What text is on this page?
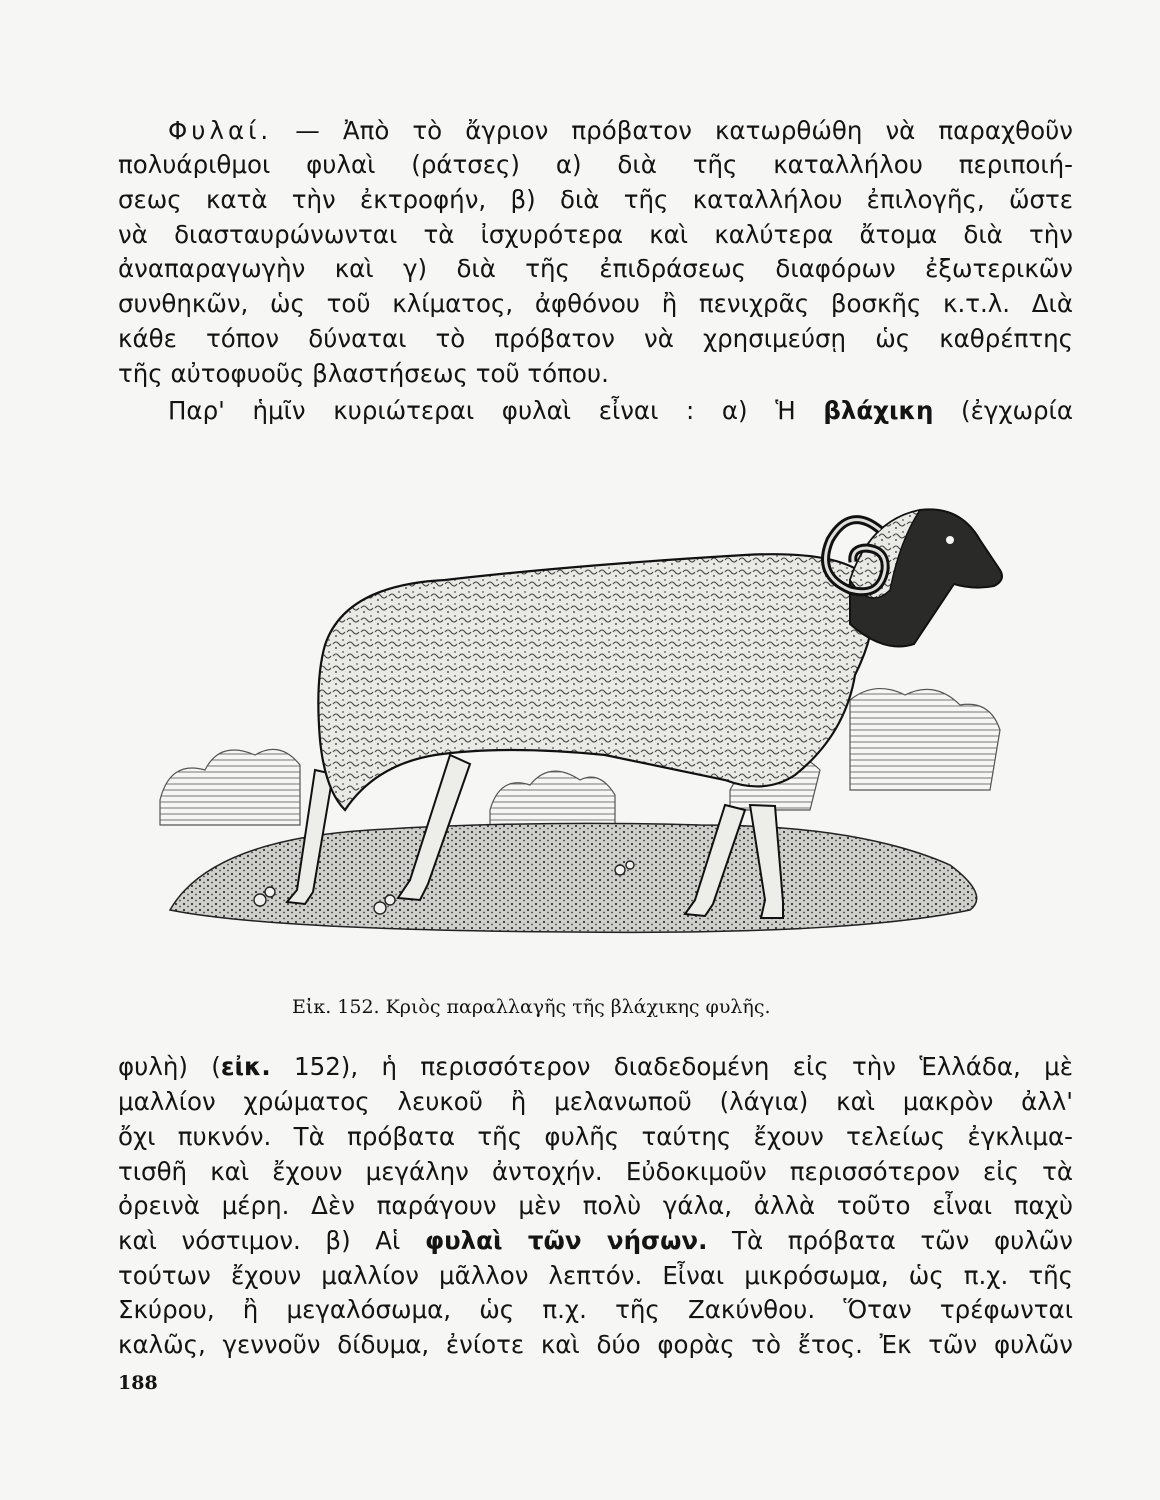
Φυλαί. — Ἀπὸ τὸ ἄγριον πρόβατον κατωρθώθη νὰ παραχθοῦν
πολυάριθμοι φυλαὶ (ράτσες) α) διὰ τῆς καταλλήλου περιποιή-
σεως κατὰ τὴν ἐκτροφήν, β) διὰ τῆς καταλλήλου ἐπιλογῆς, ὥστε
νὰ διασταυρώνωνται τὰ ἰσχυρότερα καὶ καλύτερα ἄτομα διὰ τὴν
ἀναπαραγωγὴν καὶ γ) διὰ τῆς ἐπιδράσεως διαφόρων ἐξωτερικῶν
συνθηκῶν, ὡς τοῦ κλίματος, ἀφθόνου ἢ πενιχρᾶς βοσκῆς κ.τ.λ. Διὰ
κάθε τόπον δύναται τὸ πρόβατον νὰ χρησιμεύσῃ ὡς καθρέπτης
τῆς αὐτοφυοῦς βλαστήσεως τοῦ τόπου.
Παρ' ἡμῖν κυριώτεραι φυλαὶ εἶναι : α) Ἡ βλάχικη (ἐγχωρία
Εἰκ. 152. Κριὸς παραλλαγῆς τῆς βλάχικης φυλῆς.
φυλὴ) (εἰκ. 152), ἡ περισσότερον διαδεδομένη εἰς τὴν Ἑλλάδα, μὲ
μαλλίον χρώματος λευκοῦ ἢ μελανωποῦ (λάγια) καὶ μακρὸν ἀλλ'
ὄχι πυκνόν. Τὰ πρόβατα τῆς φυλῆς ταύτης ἔχουν τελείως ἐγκλιμα-
τισθῆ καὶ ἔχουν μεγάλην ἀντοχήν. Εὐδοκιμοῦν περισσότερον εἰς τὰ
ὀρεινὰ μέρη. Δὲν παράγουν μὲν πολὺ γάλα, ἀλλὰ τοῦτο εἶναι παχὺ
καὶ νόστιμον. β) Αἱ φυλαὶ τῶν νήσων. Τὰ πρόβατα τῶν φυλῶν
τούτων ἔχουν μαλλίον μᾶλλον λεπτόν. Εἶναι μικρόσωμα, ὡς π.χ. τῆς
Σκύρου, ἢ μεγαλόσωμα, ὡς π.χ. τῆς Ζακύνθου. Ὅταν τρέφωνται
καλῶς, γεννοῦν δίδυμα, ἐνίοτε καὶ δύο φορὰς τὸ ἔτος. Ἐκ τῶν φυλῶν
188
